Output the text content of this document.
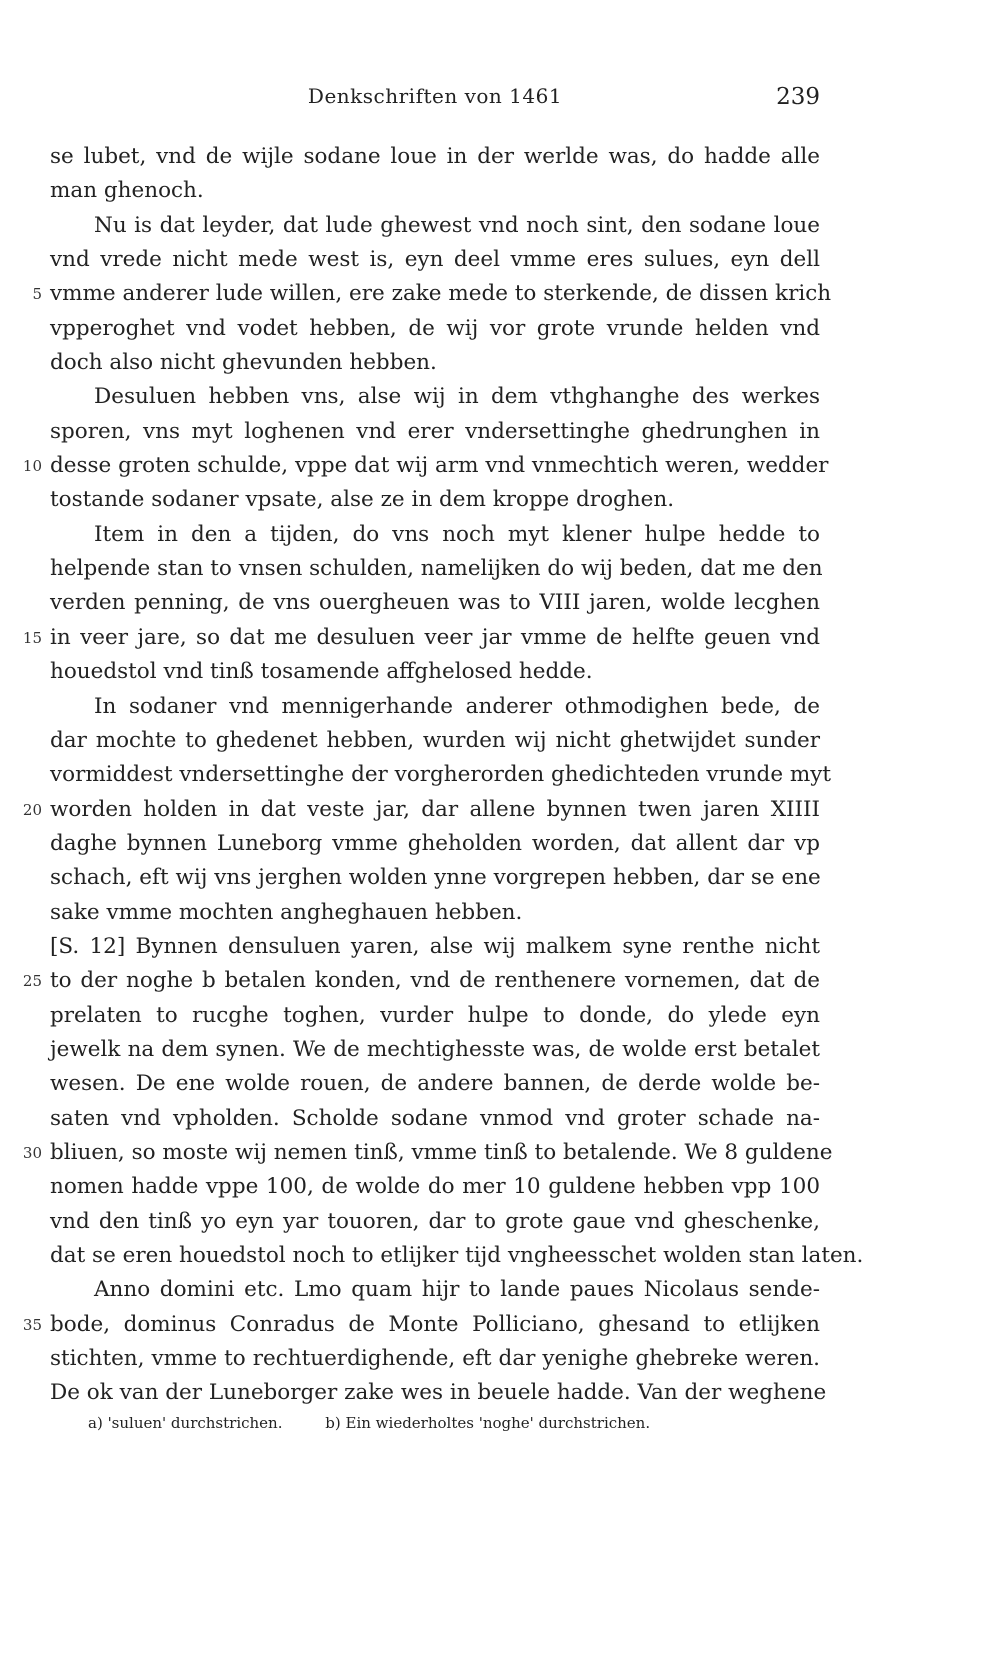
Denkschriften von 1461	239
se lubet, vnd de wijle sodane loue in der werlde was, do hadde alle
man ghenoch.
Nu is dat leyder, dat lude ghewest vnd noch sint, den sodane loue
vnd vrede nicht mede west is, eyn deel vmme eres sulues, eyn dell
5 vmme anderer lude willen, ere zake mede to sterkende, de dissen krich
vpperoghet vnd vodet hebben, de wij vor grote vrunde helden vnd
doch also nicht ghevunden hebben.
Desuluen hebben vns, alse wij in dem vthghanghe des werkes
sporen, vns myt loghenen vnd erer vndersettinghe ghedrunghen in
10 desse groten schulde, vppe dat wij arm vnd vnmechtich weren, wedder
tostande sodaner vpsate, alse ze in dem kroppe droghen.
Item in den a tijden, do vns noch myt klener hulpe hedde to
helpende stan to vnsen schulden, namelijken do wij beden, dat me den
verden penning, de vns ouergheuen was to VIII jaren, wolde lecghen
15 in veer jare, so dat me desuluen veer jar vmme de helfte geuen vnd
houedstol vnd tinß tosamende affghelosed hedde.
In sodaner vnd mennigerhande anderer othmodighen bede, de
dar mochte to ghedenet hebben, wurden wij nicht ghetwijdet sunder
vormiddest vndersettinghe der vorgherorden ghedichteden vrunde myt
20 worden holden in dat veste jar, dar allene bynnen twen jaren XIIII
daghe bynnen Luneborg vmme gheholden worden, dat allent dar vp
schach, eft wij vns jerghen wolden ynne vorgrepen hebben, dar se ene
sake vmme mochten angheghauen hebben.
[S. 12] Bynnen densuluen yaren, alse wij malkem syne renthe nicht
25 to der noghe b betalen konden, vnd de renthenere vornemen, dat de
prelaten to rucghe toghen, vurder hulpe to donde, do ylede eyn
jewelk na dem synen. We de mechtighesste was, de wolde erst betalet
wesen. De ene wolde rouen, de andere bannen, de derde wolde be-
saten vnd vpholden. Scholde sodane vnmod vnd groter schade na-
30 bliuen, so moste wij nemen tinß, vmme tinß to betalende. We 8 guldene
nomen hadde vppe 100, de wolde do mer 10 guldene hebben vpp 100
vnd den tinß yo eyn yar touoren, dar to grote gaue vnd gheschenke,
dat se eren houedstol noch to etlijker tijd vngheesschet wolden stan laten.
Anno domini etc. Lmo quam hijr to lande paues Nicolaus sende-
35 bode, dominus Conradus de Monte Polliciano, ghesand to etlijken
stichten, vmme to rechtuerdighende, eft dar yenighe ghebreke weren.
De ok van der Luneborger zake wes in beuele hadde. Van der weghene
a) 'suluen' durchstrichen.	b) Ein wiederholtes 'noghe' durchstrichen.
